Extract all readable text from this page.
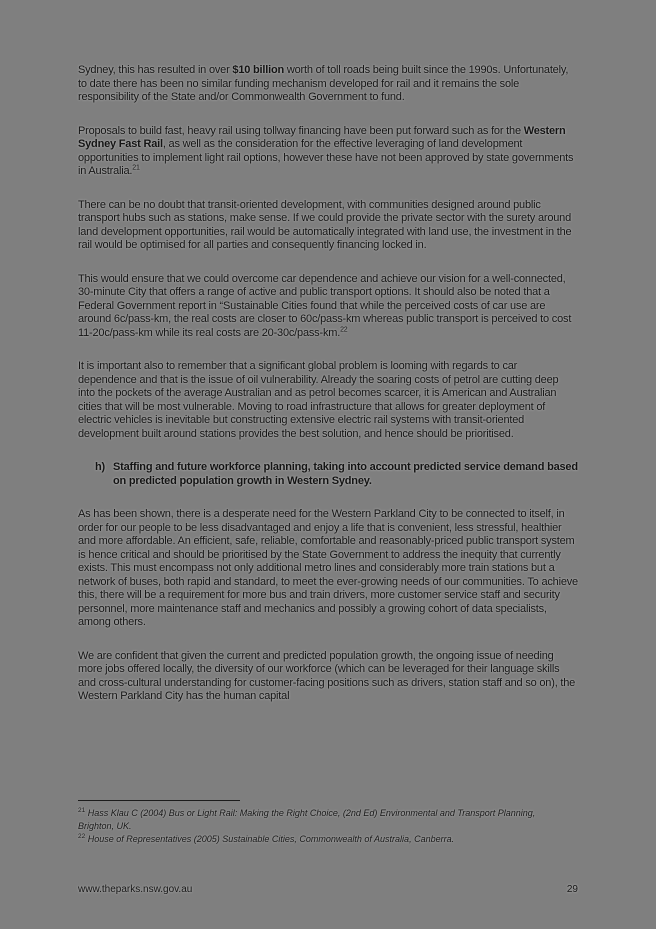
Sydney, this has resulted in over $10 billion worth of toll roads being built since the 1990s. Unfortunately, to date there has been no similar funding mechanism developed for rail and it remains the sole responsibility of the State and/or Commonwealth Government to fund.

Proposals to build fast, heavy rail using tollway financing have been put forward such as for the Western Sydney Fast Rail, as well as the consideration for the effective leveraging of land development opportunities to implement light rail options, however these have not been approved by state governments in Australia.$^{21}$

There can be no doubt that transit-oriented development, with communities designed around public transport hubs such as stations, make sense. If we could provide the private sector with the surety around land development opportunities, rail would be automatically integrated with land use, the investment in the rail would be optimised for all parties and consequently financing locked in.

This would ensure that we could overcome car dependence and achieve our vision for a well-connected, 30-minute City that offers a range of active and public transport options. It should also be noted that a Federal Government report in “Sustainable Cities found that while the perceived costs of car use are around 6c/pass-km, the real costs are closer to 60c/pass-km whereas public transport is perceived to cost 11-20c/pass-km while its real costs are 20-30c/pass-km.$^{22}$

It is important also to remember that a significant global problem is looming with regards to car dependence and that is the issue of oil vulnerability. Already the soaring costs of petrol are cutting deep into the pockets of the average Australian and as petrol becomes scarcer, it is American and Australian cities that will be most vulnerable. Moving to road infrastructure that allows for greater deployment of electric vehicles is inevitable but constructing extensive electric rail systems with transit-oriented development built around stations provides the best solution, and hence should be prioritised.

h) Staffing and future workforce planning, taking into account predicted service demand based on predicted population growth in Western Sydney.

As has been shown, there is a desperate need for the Western Parkland City to be connected to itself, in order for our people to be less disadvantaged and enjoy a life that is convenient, less stressful, healthier and more affordable. An efficient, safe, reliable, comfortable and reasonably-priced public transport system is hence critical and should be prioritised by the State Government to address the inequity that currently exists. This must encompass not only additional metro lines and considerably more train stations but a network of buses, both rapid and standard, to meet the ever-growing needs of our communities. To achieve this, there will be a requirement for more bus and train drivers, more customer service staff and security personnel, more maintenance staff and mechanics and possibly a growing cohort of data specialists, among others.

We are confident that given the current and predicted population growth, the ongoing issue of needing more jobs offered locally, the diversity of our workforce (which can be leveraged for their language skills and cross-cultural understanding for customer-facing positions such as drivers, station staff and so on), the Western Parkland City has the human capital

$^{21}$ Hass Klau C (2004) Bus or Light Rail: Making the Right Choice, (2nd Ed) Environmental and Transport Planning, Brighton, UK.
$^{22}$ House of Representatives (2005) Sustainable Cities, Commonwealth of Australia, Canberra.
www.theparks.nsw.gov.au	29
